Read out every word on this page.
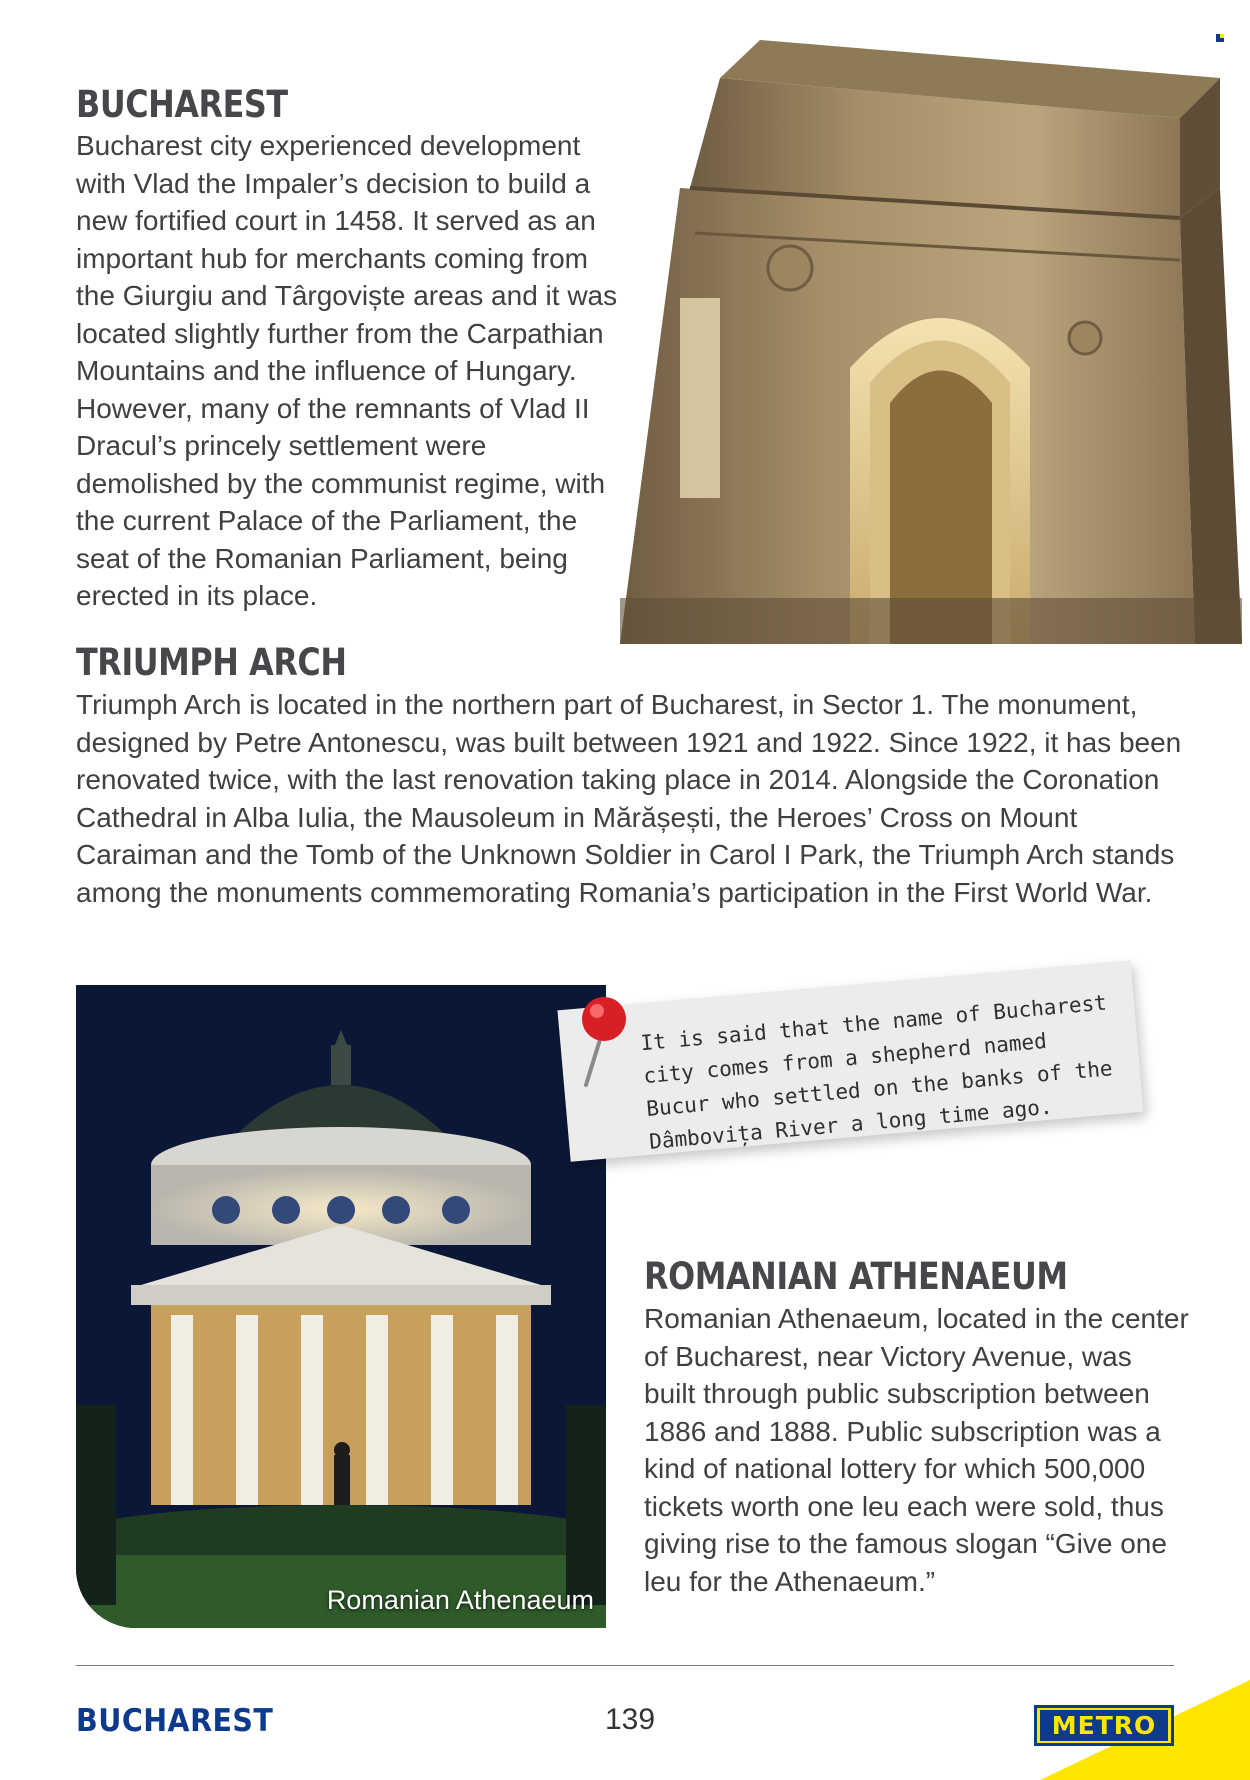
BUCHAREST

Bucharest city experienced development with Vlad the Impaler’s decision to build a new fortified court in 1458. It served as an important hub for merchants coming from the Giurgiu and Târgoviște areas and it was located slightly further from the Carpathian Mountains and the influence of Hungary. However, many of the remnants of Vlad II Dracul’s princely settlement were demolished by the communist regime, with the current Palace of the Parliament, the seat of the Romanian Parliament, being erected in its place.

TRIUMPH ARCH

Triumph Arch is located in the northern part of Bucharest, in Sector 1. The monument, designed by Petre Antonescu, was built between 1921 and 1922. Since 1922, it has been renovated twice, with the last renovation taking place in 2014. Alongside the Coronation Cathedral in Alba Iulia, the Mausoleum in Mărășești, the Heroes’ Cross on Mount Caraiman and the Tomb of the Unknown Soldier in Carol I Park, the Triumph Arch stands among the monuments commemorating Romania’s participation in the First World War.

Romanian Athenaeum

It is said that the name of Bucharest city comes from a shepherd named Bucur who settled on the banks of the Dâmbovița River a long time ago.

ROMANIAN ATHENAEUM

Romanian Athenaeum, located in the center of Bucharest, near Victory Avenue, was built through public subscription between 1886 and 1888. Public subscription was a kind of national lottery for which 500,000 tickets worth one leu each were sold, thus giving rise to the famous slogan “Give one leu for the Athenaeum.”

BUCHAREST	139	METRO
